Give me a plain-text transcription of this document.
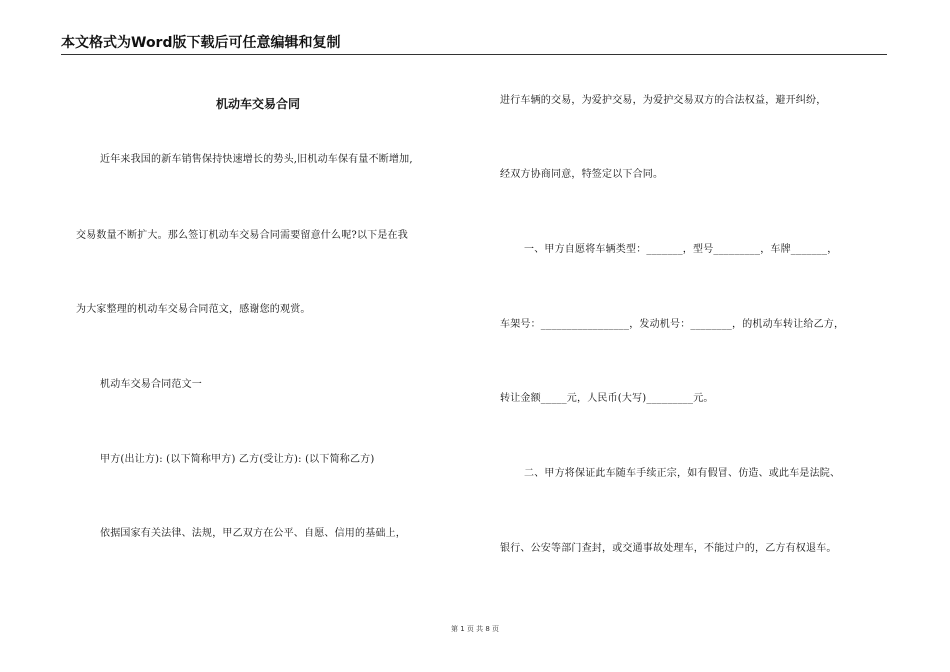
本文格式为Word版下载后可任意编辑和复制
机动车交易合同
近年来我国的新车销售保持快速增长的势头,旧机动车保有量不断增加,
交易数量不断扩大。那么签订机动车交易合同需要留意什么呢?以下是在我
为大家整理的机动车交易合同范文，感谢您的观赏。
机动车交易合同范文一
甲方(出让方): (以下简称甲方) 乙方(受让方): (以下简称乙方)
依据国家有关法律、法规，甲乙双方在公平、自愿、信用的基础上，
进行车辆的交易，为爱护交易，为爱护交易双方的合法权益，避开纠纷，
经双方协商同意，特签定以下合同。
一、甲方自愿将车辆类型：_______，型号_________，车牌_______，
车架号：_________________，发动机号：________，的机动车转让给乙方，
转让金额_____元，人民币(大写)_________元。
二、甲方将保证此车随车手续正宗，如有假冒、仿造、或此车是法院、
银行、公安等部门查封，或交通事故处理车，不能过户的，乙方有权退车。
第 1 页 共 8 页
